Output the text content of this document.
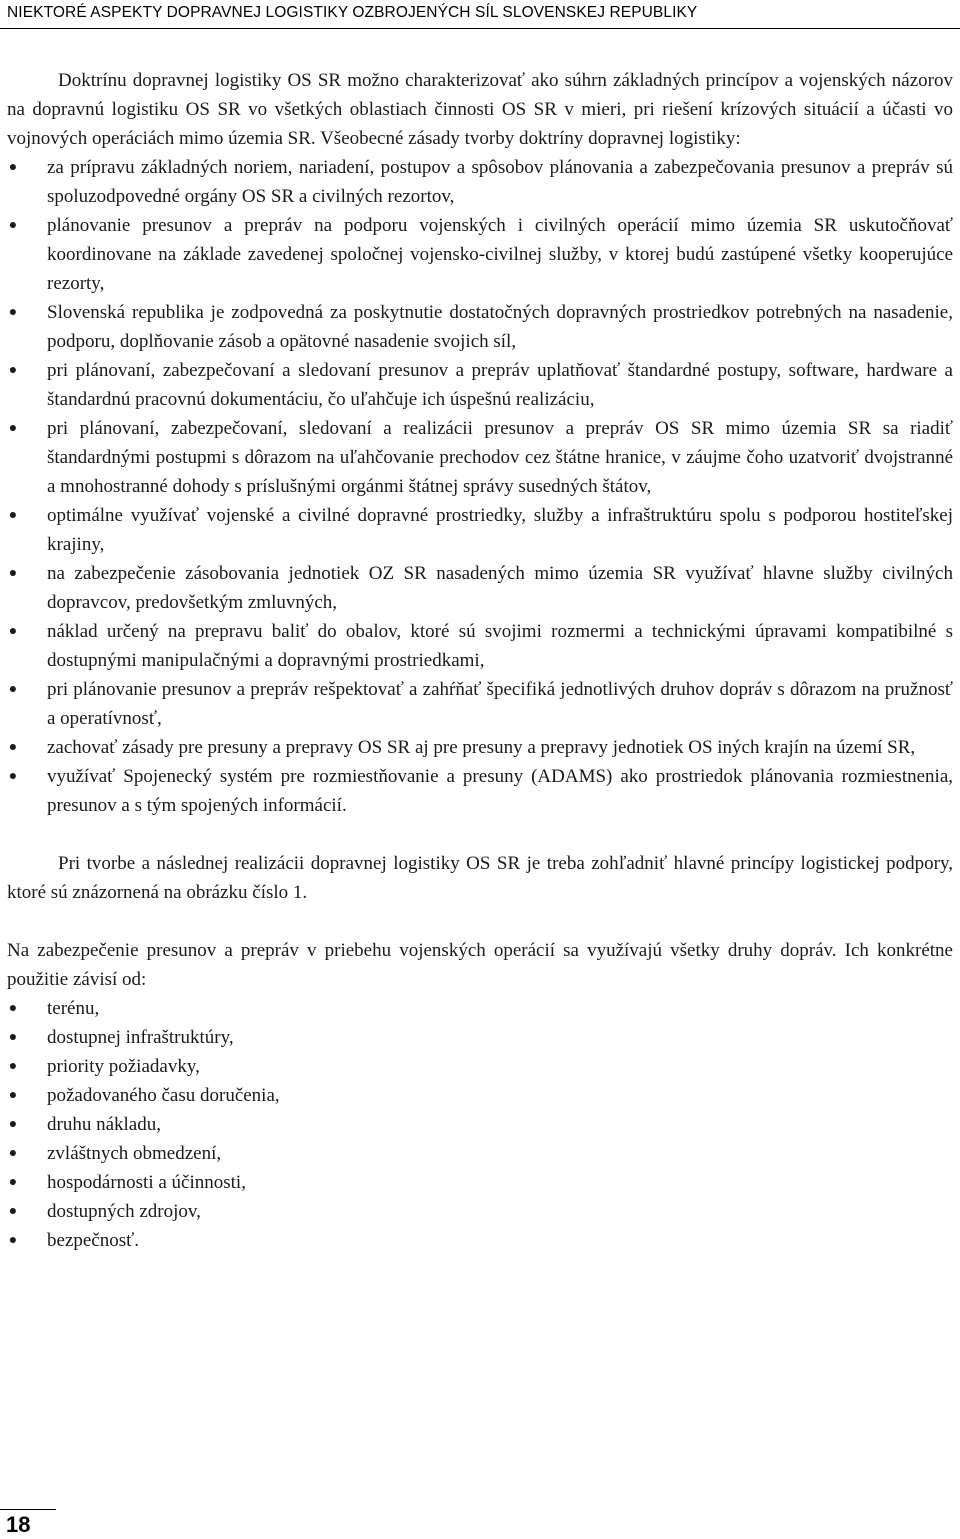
NIEKTORÉ ASPEKTY DOPRAVNEJ LOGISTIKY OZBROJENÝCH SÍL SLOVENSKEJ REPUBLIKY

Doktrínu dopravnej logistiky OS SR možno charakterizovať ako súhrn základných princípov a vojenských názorov na dopravnú logistiku OS SR vo všetkých oblastiach činnosti OS SR v mieri, pri riešení krízových situácií a účasti vo vojnových operáciách mimo územia SR. Všeobecné zásady tvorby doktríny dopravnej logistiky:

● za prípravu základných noriem, nariadení, postupov a spôsobov plánovania a zabezpečovania presunov a prepráv sú spoluzodpovedné orgány OS SR a civilných rezortov,
● plánovanie presunov a prepráv na podporu vojenských i civilných operácií mimo územia SR uskutočňovať koordinovane na základe zavedenej spoločnej vojensko-civilnej služby, v ktorej budú zastúpené všetky kooperujúce rezorty,
● Slovenská republika je zodpovedná za poskytnutie dostatočných dopravných prostriedkov potrebných na nasadenie, podporu, doplňovanie zásob a opätovné nasadenie svojich síl,
● pri plánovaní, zabezpečovaní a sledovaní presunov a prepráv uplatňovať štandardné postupy, software, hardware a štandardnú pracovnú dokumentáciu, čo uľahčuje ich úspešnú realizáciu,
● pri plánovaní, zabezpečovaní, sledovaní a realizácii presunov a prepráv OS SR mimo územia SR sa riadiť štandardnými postupmi s dôrazom na uľahčovanie prechodov cez štátne hranice, v záujme čoho uzatvoriť dvojstranné a mnohostranné dohody s príslušnými orgánmi štátnej správy susedných štátov,
● optimálne využívať vojenské a civilné dopravné prostriedky, služby a infraštruktúru spolu s podporou hostiteľskej krajiny,
● na zabezpečenie zásobovania jednotiek OZ SR nasadených mimo územia SR využívať hlavne služby civilných dopravcov, predovšetkým zmluvných,
● náklad určený na prepravu baliť do obalov, ktoré sú svojimi rozmermi a technickými úpravami kompatibilné s dostupnými manipulačnými a dopravnými prostriedkami,
● pri plánovanie presunov a prepráv rešpektovať a zahŕňať špecifiká jednotlivých druhov dopráv s dôrazom na pružnosť a operatívnosť,
● zachovať zásady pre presuny a prepravy OS SR aj pre presuny a prepravy jednotiek OS iných krajín na území SR,
● využívať Spojenecký systém pre rozmiestňovanie a presuny (ADAMS) ako prostriedok plánovania rozmiestnenia, presunov a s tým spojených informácií.

Pri tvorbe a následnej realizácii dopravnej logistiky OS SR je treba zohľadniť hlavné princípy logistickej podpory, ktoré sú znázornená na obrázku číslo 1.

Na zabezpečenie presunov a prepráv v priebehu vojenských operácií sa využívajú všetky druhy dopráv. Ich konkrétne použitie závisí od:

● terénu,
● dostupnej infraštruktúry,
● priority požiadavky,
● požadovaného času doručenia,
● druhu nákladu,
● zvláštnych obmedzení,
● hospodárnosti a účinnosti,
● dostupných zdrojov,
● bezpečnosť.
18
